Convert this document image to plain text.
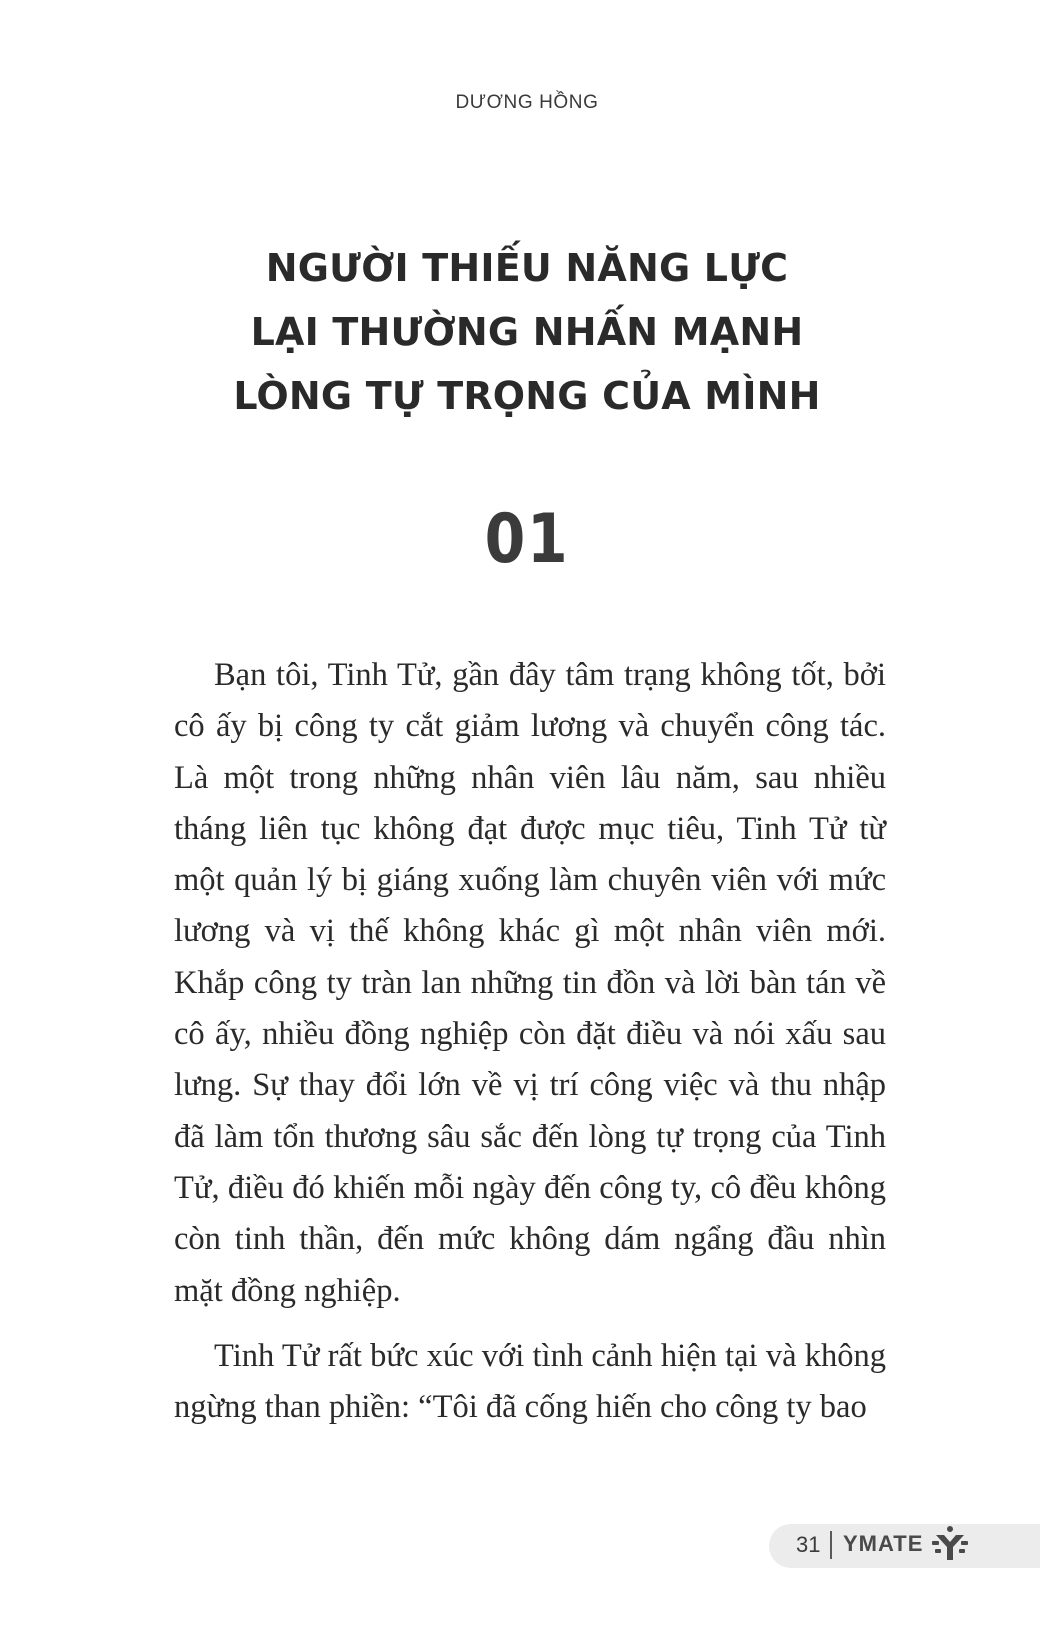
DƯƠNG HỒNG
NGƯỜI THIẾU NĂNG LỰC
LẠI THƯỜNG NHẤN MẠNH
LÒNG TỰ TRỌNG CỦA MÌNH
01

Bạn tôi, Tinh Tử, gần đây tâm trạng không tốt, bởi cô ấy bị công ty cắt giảm lương và chuyển công tác. Là một trong những nhân viên lâu năm, sau nhiều tháng liên tục không đạt được mục tiêu, Tinh Tử từ một quản lý bị giáng xuống làm chuyên viên với mức lương và vị thế không khác gì một nhân viên mới. Khắp công ty tràn lan những tin đồn và lời bàn tán về cô ấy, nhiều đồng nghiệp còn đặt điều và nói xấu sau lưng. Sự thay đổi lớn về vị trí công việc và thu nhập đã làm tổn thương sâu sắc đến lòng tự trọng của Tinh Tử, điều đó khiến mỗi ngày đến công ty, cô đều không còn tinh thần, đến mức không dám ngẩng đầu nhìn mặt đồng nghiệp.

Tinh Tử rất bức xúc với tình cảnh hiện tại và không ngừng than phiền: “Tôi đã cống hiến cho công ty bao

31 YMATE
